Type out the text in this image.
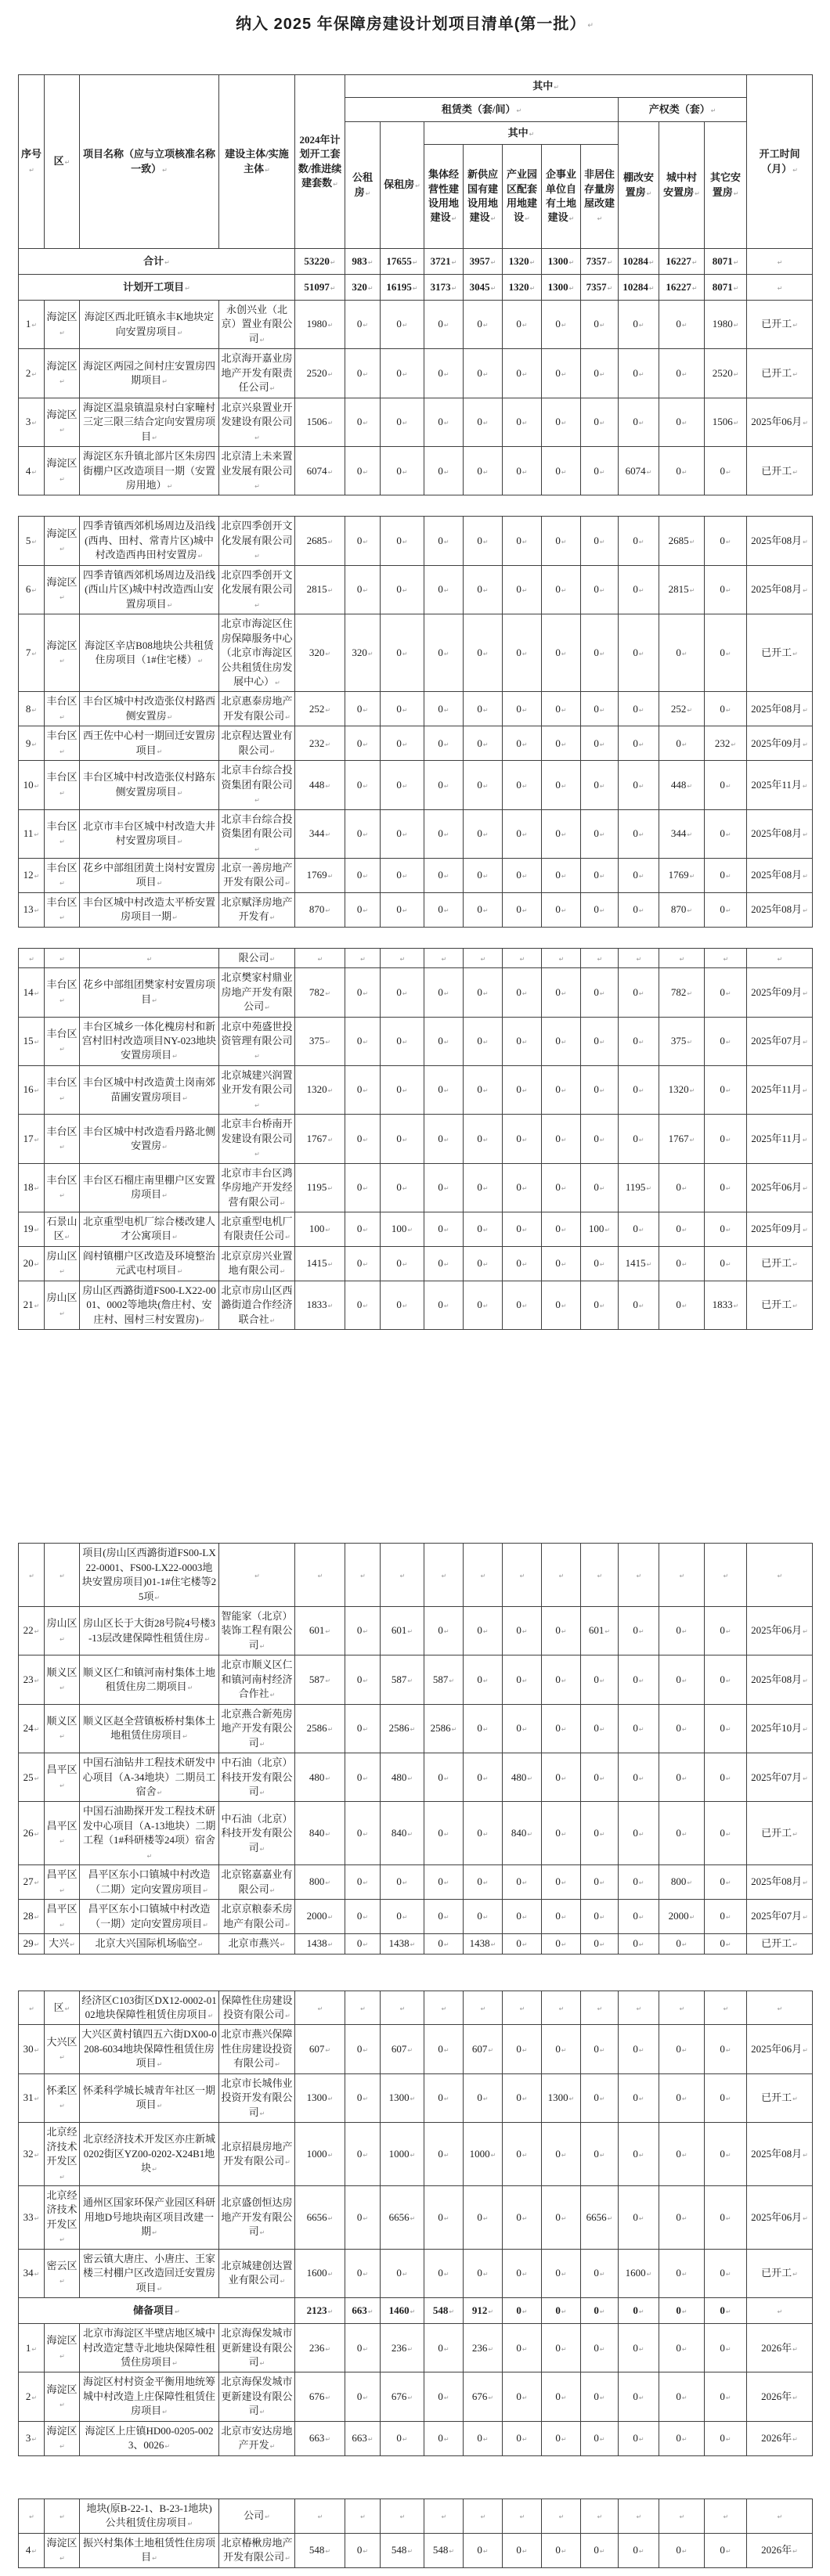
纳入 2025 年保障房建设计划项目清单(第一批） ↵
序号 ↵	区 ↵	项目名称（应与立项核准名称一致） ↵	建设主体/实施主体 ↵	2024年计划开工套数/推进续建套数 ↵	其中 ↵										开工时间（月） ↵
					租赁类（套/间） ↵							产权类（套） ↵
					公租房 ↵	保租房 ↵	其中 ↵					棚改安置房 ↵	城中村安置房 ↵	其它安置房 ↵
							集体经营性建设用地建设 ↵	新供应国有建设用地建设 ↵	产业园区配套用地建设 ↵	企事业单位自有土地建设 ↵	非居住存量房屋改建 ↵
合计 ↵				53220 ↵	983 ↵	17655 ↵	3721 ↵	3957 ↵	1320 ↵	1300 ↵	7357 ↵	10284 ↵	16227 ↵	8071 ↵	↵
计划开工项目 ↵				51097 ↵	320 ↵	16195 ↵	3173 ↵	3045 ↵	1320 ↵	1300 ↵	7357 ↵	10284 ↵	16227 ↵	8071 ↵	↵
1 ↵	海淀区 ↵	海淀区西北旺镇永丰K地块定向安置房项目 ↵	永创兴业（北京）置业有限公司 ↵	1980 ↵	0 ↵	0 ↵	0 ↵	0 ↵	0 ↵	0 ↵	0 ↵	0 ↵	0 ↵	1980 ↵	已开工 ↵
2 ↵	海淀区 ↵	海淀区两园之间村庄安置房四期项目 ↵	北京海开嘉业房地产开发有限责任公司 ↵	2520 ↵	0 ↵	0 ↵	0 ↵	0 ↵	0 ↵	0 ↵	0 ↵	0 ↵	0 ↵	2520 ↵	已开工 ↵
3 ↵	海淀区 ↵	海淀区温泉镇温泉村白家疃村三定三限三结合定向安置房项目 ↵	北京兴泉置业开发建设有限公司 ↵	1506 ↵	0 ↵	0 ↵	0 ↵	0 ↵	0 ↵	0 ↵	0 ↵	0 ↵	0 ↵	1506 ↵	2025年06月 ↵
4 ↵	海淀区 ↵	海淀区东升镇北部片区朱房四街棚户区改造项目一期（安置房用地） ↵	北京清上未来置业发展有限公司 ↵	6074 ↵	0 ↵	0 ↵	0 ↵	0 ↵	0 ↵	0 ↵	0 ↵	6074 ↵	0 ↵	0 ↵	已开工 ↵
5 ↵	海淀区 ↵	四季青镇西郊机场周边及沿线(西冉、田村、常青片区)城中村改造西冉田村安置房 ↵	北京四季创开文化发展有限公司 ↵	2685 ↵	0 ↵	0 ↵	0 ↵	0 ↵	0 ↵	0 ↵	0 ↵	0 ↵	2685 ↵	0 ↵	2025年08月 ↵
6 ↵	海淀区 ↵	四季青镇西郊机场周边及沿线(西山片区)城中村改造西山安置房项目 ↵	北京四季创开文化发展有限公司 ↵	2815 ↵	0 ↵	0 ↵	0 ↵	0 ↵	0 ↵	0 ↵	0 ↵	0 ↵	2815 ↵	0 ↵	2025年08月 ↵
7 ↵	海淀区 ↵	海淀区辛店B08地块公共租赁住房项目（1#住宅楼） ↵	北京市海淀区住房保障服务中心（北京市海淀区公共租赁住房发展中心） ↵	320 ↵	320 ↵	0 ↵	0 ↵	0 ↵	0 ↵	0 ↵	0 ↵	0 ↵	0 ↵	0 ↵	已开工 ↵
8 ↵	丰台区 ↵	丰台区城中村改造张仪村路西侧安置房 ↵	北京惠泰房地产开发有限公司 ↵	252 ↵	0 ↵	0 ↵	0 ↵	0 ↵	0 ↵	0 ↵	0 ↵	0 ↵	252 ↵	0 ↵	2025年08月 ↵
9 ↵	丰台区 ↵	西王佐中心村一期回迁安置房项目 ↵	北京程达置业有限公司 ↵	232 ↵	0 ↵	0 ↵	0 ↵	0 ↵	0 ↵	0 ↵	0 ↵	0 ↵	0 ↵	232 ↵	2025年09月 ↵
10 ↵	丰台区 ↵	丰台区城中村改造张仪村路东侧安置房项目 ↵	北京丰台综合投资集团有限公司 ↵	448 ↵	0 ↵	0 ↵	0 ↵	0 ↵	0 ↵	0 ↵	0 ↵	0 ↵	448 ↵	0 ↵	2025年11月 ↵
11 ↵	丰台区 ↵	北京市丰台区城中村改造大井村安置房项目 ↵	北京丰台综合投资集团有限公司 ↵	344 ↵	0 ↵	0 ↵	0 ↵	0 ↵	0 ↵	0 ↵	0 ↵	0 ↵	344 ↵	0 ↵	2025年08月 ↵
12 ↵	丰台区 ↵	花乡中部组团黄土岗村安置房项目 ↵	北京一善房地产开发有限公司 ↵	1769 ↵	0 ↵	0 ↵	0 ↵	0 ↵	0 ↵	0 ↵	0 ↵	0 ↵	1769 ↵	0 ↵	2025年08月 ↵
13 ↵	丰台区 ↵	丰台区城中村改造太平桥安置房项目一期 ↵	北京赋泽房地产开发有 ↵	870 ↵	0 ↵	0 ↵	0 ↵	0 ↵	0 ↵	0 ↵	0 ↵	0 ↵	870 ↵	0 ↵	2025年08月 ↵
↵	↵	↵	限公司 ↵	↵	↵	↵	↵	↵	↵	↵	↵	↵	↵	↵	↵
14 ↵	丰台区 ↵	花乡中部组团樊家村安置房项目 ↵	北京樊家村鼎业房地产开发有限公司 ↵	782 ↵	0 ↵	0 ↵	0 ↵	0 ↵	0 ↵	0 ↵	0 ↵	0 ↵	782 ↵	0 ↵	2025年09月 ↵
15 ↵	丰台区 ↵	丰台区城乡一体化槐房村和新宫村旧村改造项目NY-023地块安置房项目 ↵	北京中苑盛世投资管理有限公司 ↵	375 ↵	0 ↵	0 ↵	0 ↵	0 ↵	0 ↵	0 ↵	0 ↵	0 ↵	375 ↵	0 ↵	2025年07月 ↵
16 ↵	丰台区 ↵	丰台区城中村改造黄土岗南郊苗圃安置房项目 ↵	北京城建兴润置业开发有限公司 ↵	1320 ↵	0 ↵	0 ↵	0 ↵	0 ↵	0 ↵	0 ↵	0 ↵	0 ↵	1320 ↵	0 ↵	2025年11月 ↵
17 ↵	丰台区 ↵	丰台区城中村改造看丹路北侧安置房 ↵	北京丰台桥南开发建设有限公司 ↵	1767 ↵	0 ↵	0 ↵	0 ↵	0 ↵	0 ↵	0 ↵	0 ↵	0 ↵	1767 ↵	0 ↵	2025年11月 ↵
18 ↵	丰台区 ↵	丰台区石榴庄南里棚户区安置房项目 ↵	北京市丰台区鸿华房地产开发经营有限公司 ↵	1195 ↵	0 ↵	0 ↵	0 ↵	0 ↵	0 ↵	0 ↵	0 ↵	1195 ↵	0 ↵	0 ↵	2025年06月 ↵
19 ↵	石景山区 ↵	北京重型电机厂综合楼改建人才公寓项目 ↵	北京重型电机厂有限责任公司 ↵	100 ↵	0 ↵	100 ↵	0 ↵	0 ↵	0 ↵	0 ↵	100 ↵	0 ↵	0 ↵	0 ↵	2025年09月 ↵
20 ↵	房山区 ↵	阎村镇棚户区改造及环境整治元武屯村项目 ↵	北京京房兴业置地有限公司 ↵	1415 ↵	0 ↵	0 ↵	0 ↵	0 ↵	0 ↵	0 ↵	0 ↵	1415 ↵	0 ↵	0 ↵	已开工 ↵
21 ↵	房山区 ↵	房山区西潞街道FS00-LX22-0001、0002等地块(詹庄村、安庄村、囤村三村安置房) ↵	北京市房山区西潞街道合作经济联合社 ↵	1833 ↵	0 ↵	0 ↵	0 ↵	0 ↵	0 ↵	0 ↵	0 ↵	0 ↵	0 ↵	1833 ↵	已开工 ↵
↵	↵	项目(房山区西潞街道FS00-LX22-0001、FS00-LX22-0003地块安置房项目)01-1#住宅楼等25项 ↵	↵	↵	↵	↵	↵	↵	↵	↵	↵	↵	↵	↵	↵
22 ↵	房山区 ↵	房山区长于大街28号院4号楼3-13层改建保障性租赁住房 ↵	智能家（北京）装饰工程有限公司 ↵	601 ↵	0 ↵	601 ↵	0 ↵	0 ↵	0 ↵	0 ↵	601 ↵	0 ↵	0 ↵	0 ↵	2025年06月 ↵
23 ↵	顺义区 ↵	顺义区仁和镇河南村集体土地租赁住房二期项目 ↵	北京市顺义区仁和镇河南村经济合作社 ↵	587 ↵	0 ↵	587 ↵	587 ↵	0 ↵	0 ↵	0 ↵	0 ↵	0 ↵	0 ↵	0 ↵	2025年08月 ↵
24 ↵	顺义区 ↵	顺义区赵全营镇板桥村集体土地租赁住房项目 ↵	北京燕合新苑房地产开发有限公司 ↵	2586 ↵	0 ↵	2586 ↵	2586 ↵	0 ↵	0 ↵	0 ↵	0 ↵	0 ↵	0 ↵	0 ↵	2025年10月 ↵
25 ↵	昌平区 ↵	中国石油钻井工程技术研发中心项目（A-34地块）二期员工宿舍 ↵	中石油（北京）科技开发有限公司 ↵	480 ↵	0 ↵	480 ↵	0 ↵	0 ↵	480 ↵	0 ↵	0 ↵	0 ↵	0 ↵	0 ↵	2025年07月 ↵
26 ↵	昌平区 ↵	中国石油勘探开发工程技术研发中心项目（A-13地块）二期工程（1#科研楼等24项）宿舍 ↵	中石油（北京）科技开发有限公司 ↵	840 ↵	0 ↵	840 ↵	0 ↵	0 ↵	840 ↵	0 ↵	0 ↵	0 ↵	0 ↵	0 ↵	已开工 ↵
27 ↵	昌平区 ↵	昌平区东小口镇城中村改造（二期）定向安置房项目 ↵	北京铭嘉嘉业有限公司 ↵	800 ↵	0 ↵	0 ↵	0 ↵	0 ↵	0 ↵	0 ↵	0 ↵	0 ↵	800 ↵	0 ↵	2025年08月 ↵
28 ↵	昌平区 ↵	昌平区东小口镇城中村改造（一期）定向安置房项目 ↵	北京京粮泰禾房地产有限公司 ↵	2000 ↵	0 ↵	0 ↵	0 ↵	0 ↵	0 ↵	0 ↵	0 ↵	0 ↵	2000 ↵	0 ↵	2025年07月 ↵
29 ↵	大兴 ↵	北京大兴国际机场临空 ↵	北京市燕兴 ↵	1438 ↵	0 ↵	1438 ↵	0 ↵	1438 ↵	0 ↵	0 ↵	0 ↵	0 ↵	0 ↵	0 ↵	已开工 ↵
↵	区 ↵	经济区C103街区DX12-0002-0102地块保障性租赁住房项目 ↵	保障性住房建设投资有限公司 ↵	↵	↵	↵	↵	↵	↵	↵	↵	↵	↵	↵	↵
30 ↵	大兴区 ↵	大兴区黄村镇四五六街DX00-0208-6034地块保障性租赁住房项目 ↵	北京市燕兴保障性住房建设投资有限公司 ↵	607 ↵	0 ↵	607 ↵	0 ↵	607 ↵	0 ↵	0 ↵	0 ↵	0 ↵	0 ↵	0 ↵	2025年06月 ↵
31 ↵	怀柔区 ↵	怀柔科学城长城青年社区一期项目 ↵	北京市长城伟业投资开发有限公司 ↵	1300 ↵	0 ↵	1300 ↵	0 ↵	0 ↵	0 ↵	1300 ↵	0 ↵	0 ↵	0 ↵	0 ↵	已开工 ↵
32 ↵	北京经济技术开发区 ↵	北京经济技术开发区亦庄新城0202街区YZ00-0202-X24B1地块 ↵	北京招晨房地产开发有限公司 ↵	1000 ↵	0 ↵	1000 ↵	0 ↵	1000 ↵	0 ↵	0 ↵	0 ↵	0 ↵	0 ↵	0 ↵	2025年08月 ↵
33 ↵	北京经济技术开发区 ↵	通州区国家环保产业园区科研用地D号地块南区项目改建一期 ↵	北京盛创恒达房地产开发有限公司 ↵	6656 ↵	0 ↵	6656 ↵	0 ↵	0 ↵	0 ↵	0 ↵	6656 ↵	0 ↵	0 ↵	0 ↵	2025年06月 ↵
34 ↵	密云区 ↵	密云镇大唐庄、小唐庄、王家楼三村棚户区改造回迁安置房项目 ↵	北京城建创达置业有限公司 ↵	1600 ↵	0 ↵	0 ↵	0 ↵	0 ↵	0 ↵	0 ↵	0 ↵	1600 ↵	0 ↵	0 ↵	已开工 ↵
储备项目 ↵				2123 ↵	663 ↵	1460 ↵	548 ↵	912 ↵	0 ↵	0 ↵	0 ↵	0 ↵	0 ↵	0 ↵	↵
1 ↵	海淀区 ↵	北京市海淀区半壁店地区城中村改造定慧寺北地块保障性租赁住房项目 ↵	北京海保发城市更新建设有限公司 ↵	236 ↵	0 ↵	236 ↵	0 ↵	236 ↵	0 ↵	0 ↵	0 ↵	0 ↵	0 ↵	0 ↵	2026年 ↵
2 ↵	海淀区 ↵	海淀区村村资金平衡用地统筹城中村改造上庄保障性租赁住房项目 ↵	北京海保发城市更新建设有限公司 ↵	676 ↵	0 ↵	676 ↵	0 ↵	676 ↵	0 ↵	0 ↵	0 ↵	0 ↵	0 ↵	0 ↵	2026年 ↵
3 ↵	海淀区 ↵	海淀区上庄镇HD00-0205-0023、0026 ↵	北京市安达房地产开发 ↵	663 ↵	663 ↵	0 ↵	0 ↵	0 ↵	0 ↵	0 ↵	0 ↵	0 ↵	0 ↵	0 ↵	2026年 ↵
↵	↵	地块(原B-22-1、B-23-1地块)公共租赁住房项目 ↵	公司 ↵	↵	↵	↵	↵	↵	↵	↵	↵	↵	↵	↵	↵
4 ↵	海淀区 ↵	振兴村集体土地租赁性住房项目 ↵	北京椿楸房地产开发有限公司 ↵	548 ↵	0 ↵	548 ↵	548 ↵	0 ↵	0 ↵	0 ↵	0 ↵	0 ↵	0 ↵	0 ↵	2026年 ↵
